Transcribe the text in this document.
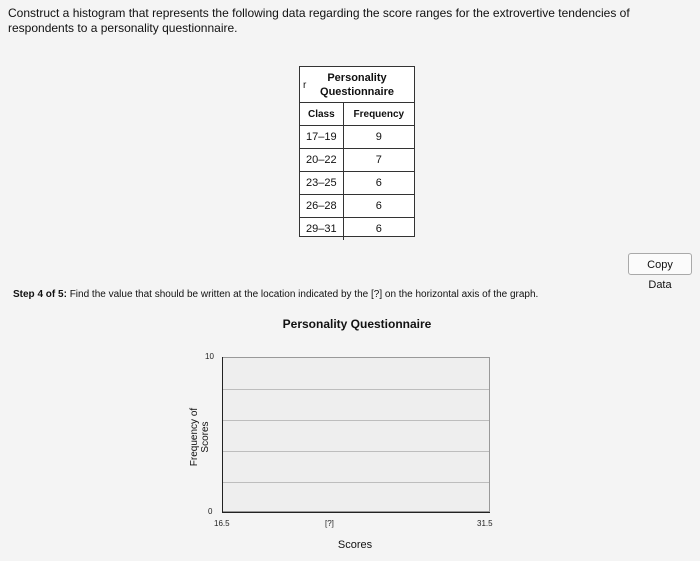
Construct a histogram that represents the following data regarding the score ranges for the extrovertive tendencies of respondents to a personality questionnaire.
r
Personality
Questionnaire
Class	Frequency
17–19	9
20–22	7
23–25	6
26–28	6
29–31	6
Copy Data
Step 4 of 5: Find the value that should be written at the location indicated by the [?] on the horizontal axis of the graph.
Personality Questionnaire
Frequency of Scores
10
0
16.5	[?]	31.5
Scores
